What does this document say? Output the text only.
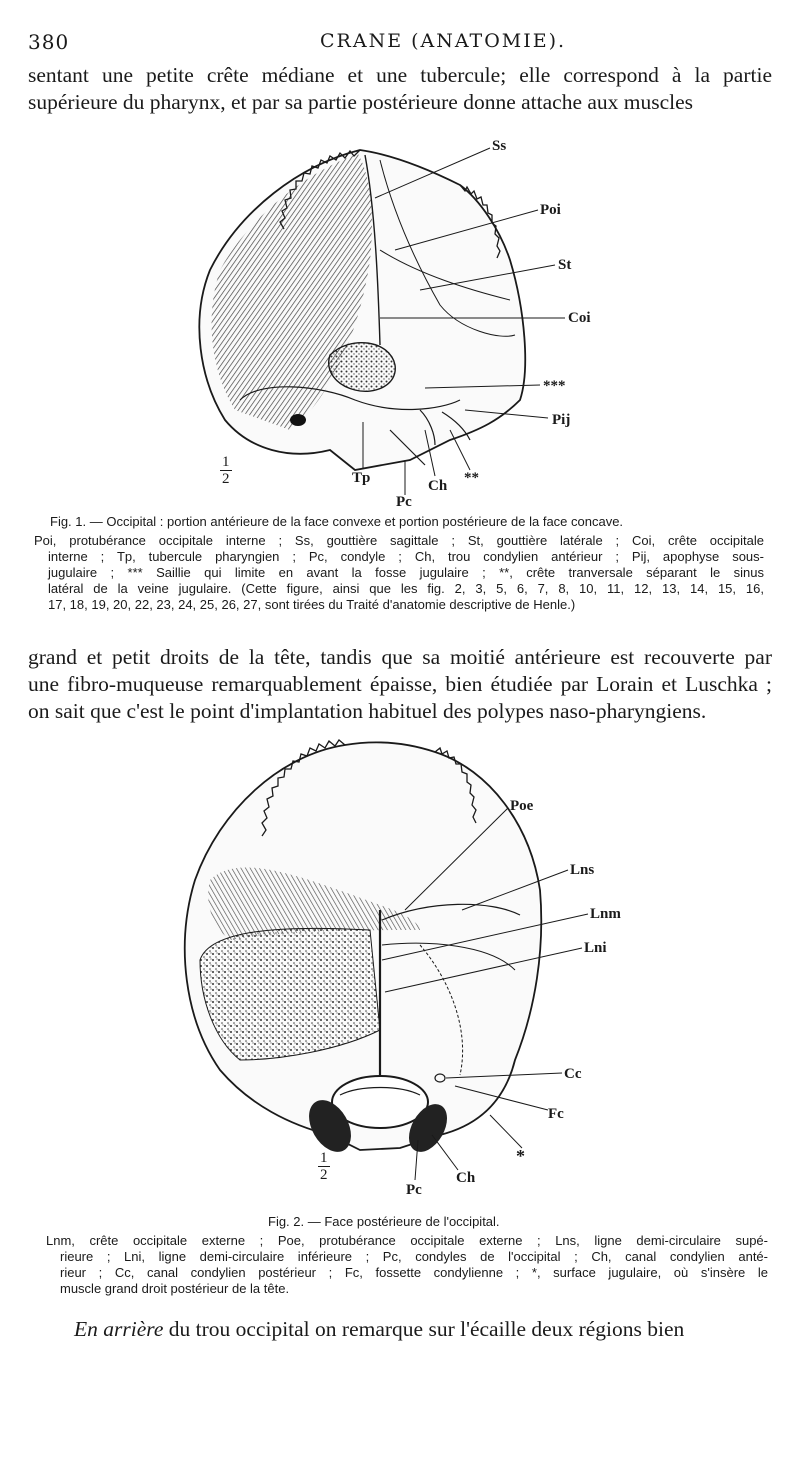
380	CRANE (ANATOMIE).

sentant une petite crête médiane et une tubercule; elle correspond à la partie
supérieure du pharynx, et par sa partie postérieure donne attache aux muscles

Ss
Poi
St
Coi
***
Pij
**
Ch
Tp
Pc
1
2
Fig. 1. — Occipital : portion antérieure de la face convexe et portion postérieure de la face concave.

Poi, protubérance occipitale interne ; Ss, gouttière sagittale ; St, gouttière latérale ; Coi, crête occipitale
interne ; Tp, tubercule pharyngien ; Pc, condyle ; Ch, trou condylien antérieur ; Pij, apophyse sous-
jugulaire ; *** Saillie qui limite en avant la fosse jugulaire ; **, crête tranversale séparant le sinus
latéral de la veine jugulaire. (Cette figure, ainsi que les fig. 2, 3, 5, 6, 7, 8, 10, 11, 12, 13, 14, 15, 16,
17, 18, 19, 20, 22, 23, 24, 25, 26, 27, sont tirées du Traité d'anatomie descriptive de Henle.)

grand et petit droits de la tête, tandis que sa moitié antérieure est recouverte par
une fibro-muqueuse remarquablement épaisse, bien étudiée par Lorain et Luschka ;
on sait que c'est le point d'implantation habituel des polypes naso-pharyngiens.

Poe
Lns
Lnm
Lni
Cc
Fc
*
Ch
Pc
1
2
Fig. 2. — Face postérieure de l'occipital.

Lnm, crête occipitale externe ; Poe, protubérance occipitale externe ; Lns, ligne demi-circulaire supé-
rieure ; Lni, ligne demi-circulaire inférieure ; Pc, condyles de l'occipital ; Ch, canal condylien anté-
rieur ; Cc, canal condylien postérieur ; Fc, fossette condylienne ; *, surface jugulaire, où s'insère le
muscle grand droit postérieur de la tête.

En arrière du trou occipital on remarque sur l'écaille deux régions bien
